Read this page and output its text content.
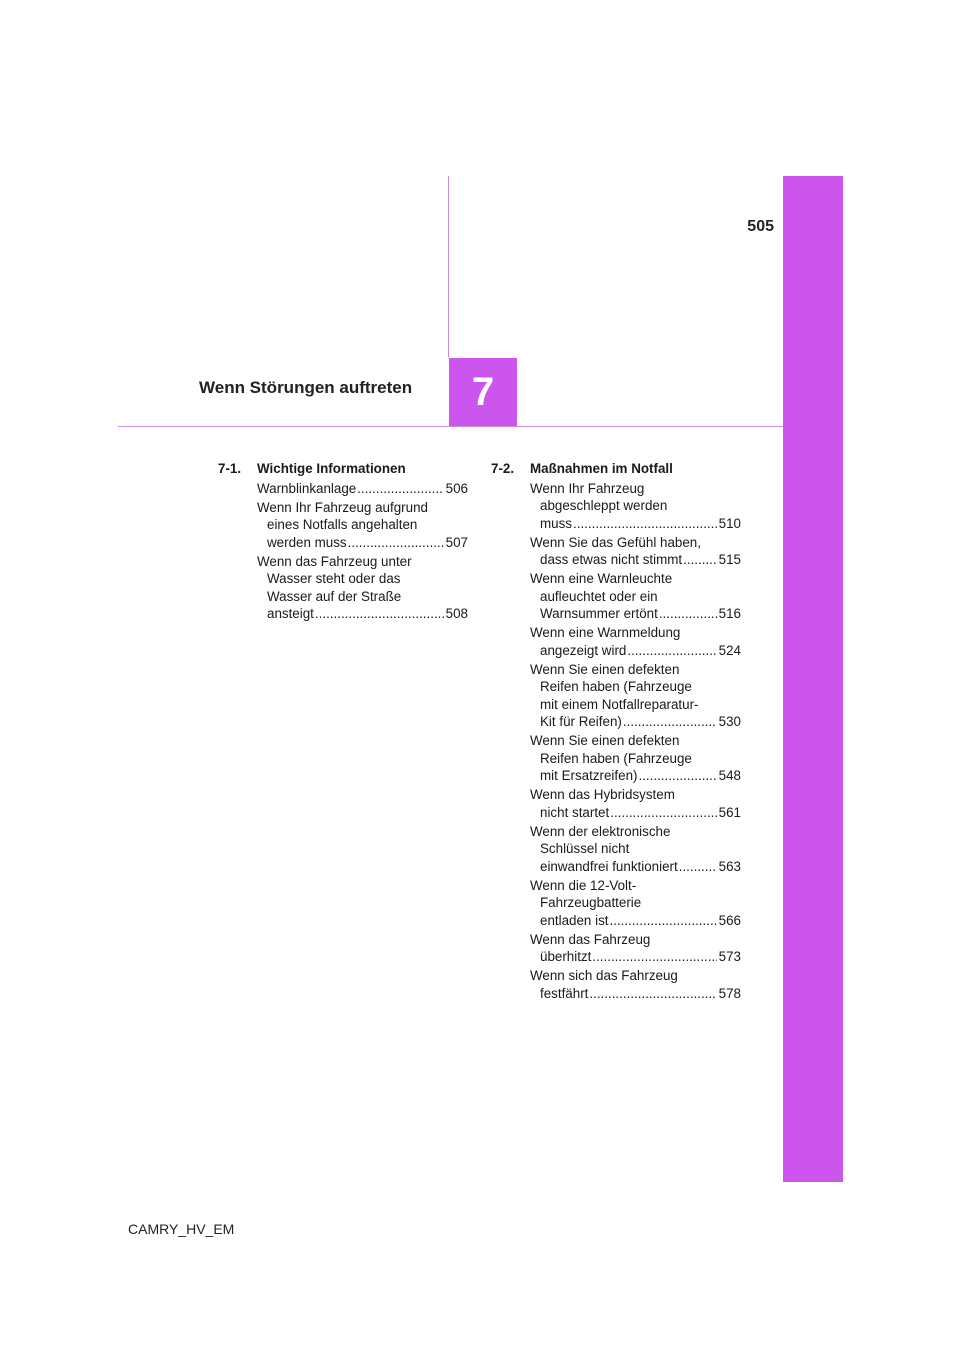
505
7
Wenn Störungen auftreten
7-1.	Wichtige Informationen
Warnblinkanlage .....	506
Wenn Ihr Fahrzeug aufgrund
eines Notfalls angehalten
werden muss .....	507
Wenn das Fahrzeug unter
Wasser steht oder das
Wasser auf der Straße
ansteigt .....	508
7-2.	Maßnahmen im Notfall
Wenn Ihr Fahrzeug
abgeschleppt werden
muss .....	510
Wenn Sie das Gefühl haben,
dass etwas nicht stimmt .....	515
Wenn eine Warnleuchte
aufleuchtet oder ein
Warnsummer ertönt .....	516
Wenn eine Warnmeldung
angezeigt wird .....	524
Wenn Sie einen defekten
Reifen haben (Fahrzeuge
mit einem Notfallreparatur-
Kit für Reifen) .....	530
Wenn Sie einen defekten
Reifen haben (Fahrzeuge
mit Ersatzreifen) .....	548
Wenn das Hybridsystem
nicht startet .....	561
Wenn der elektronische
Schlüssel nicht
einwandfrei funktioniert .....	563
Wenn die 12-Volt-
Fahrzeugbatterie
entladen ist .....	566
Wenn das Fahrzeug
überhitzt .....	573
Wenn sich das Fahrzeug
festfährt .....	578
CAMRY_HV_EM
